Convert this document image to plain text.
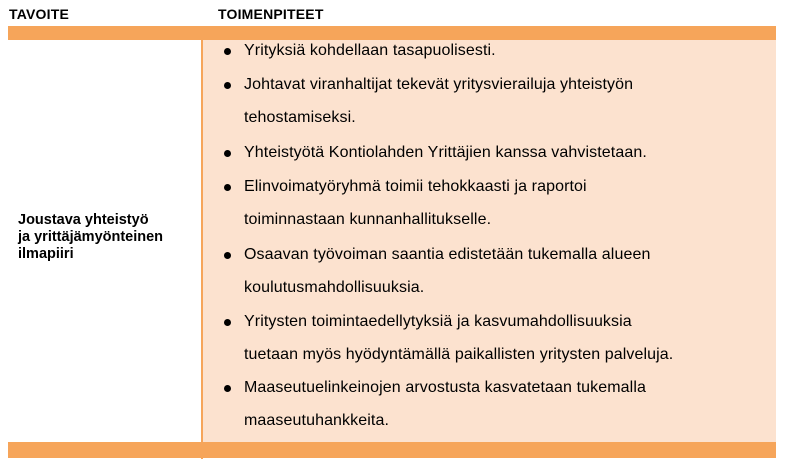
TAVOITE	TOIMENPITEET
Joustava yhteistyö
ja yrittäjämyönteinen
ilmapiiri
Yrityksiä kohdellaan tasapuolisesti.
Johtavat viranhaltijat tekevät yritysvierailuja yhteistyön
tehostamiseksi.
Yhteistyötä Kontiolahden Yrittäjien kanssa vahvistetaan.
Elinvoimatyöryhmä toimii tehokkaasti ja raportoi
toiminnastaan kunnanhallitukselle.
Osaavan työvoiman saantia edistetään tukemalla alueen
koulutusmahdollisuuksia.
Yritysten toimintaedellytyksiä ja kasvumahdollisuuksia
tuetaan myös hyödyntämällä paikallisten yritysten palveluja.
Maaseutuelinkeinojen arvostusta kasvatetaan tukemalla
maaseutuhankkeita.
